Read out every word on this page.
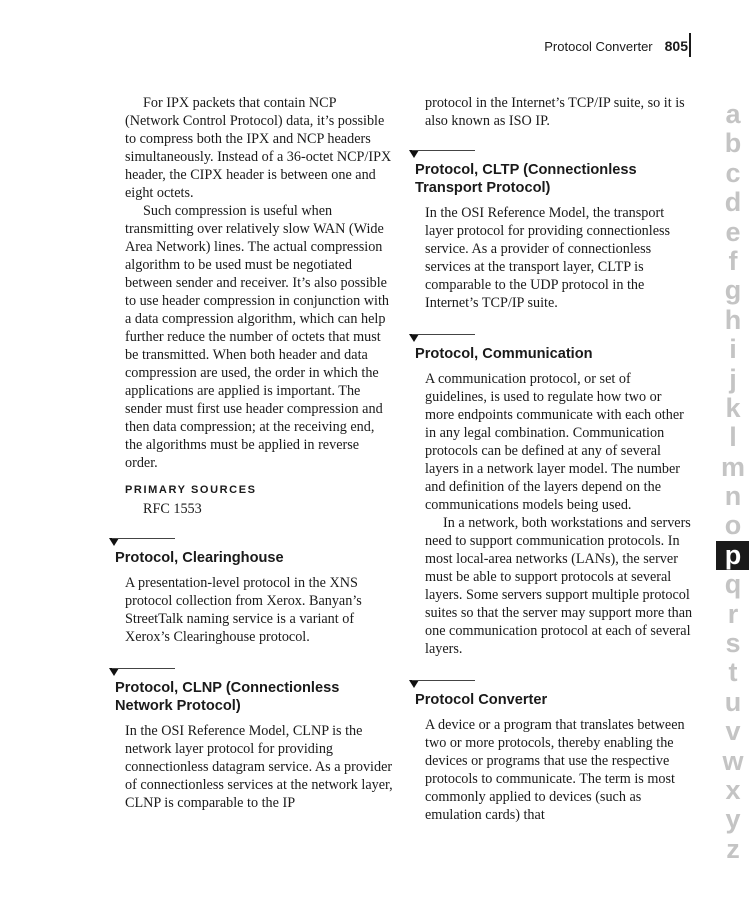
Protocol Converter 805

For IPX packets that contain NCP (Network Control Protocol) data, it’s possible to compress both the IPX and NCP headers simultaneously. Instead of a 36-octet NCP/IPX header, the CIPX header is between one and eight octets.

Such compression is useful when transmitting over relatively slow WAN (Wide Area Network) lines. The actual compression algorithm to be used must be negotiated between sender and receiver. It’s also possible to use header compression in conjunction with a data compression algorithm, which can help further reduce the number of octets that must be transmitted. When both header and data compression are used, the order in which the applications are applied is important. The sender must first use header compression and then data compression; at the receiving end, the algorithms must be applied in reverse order.

PRIMARY SOURCES
RFC 1553
Protocol, Clearinghouse

A presentation-level protocol in the XNS protocol collection from Xerox. Banyan’s StreetTalk naming service is a variant of Xerox’s Clearinghouse protocol.

Protocol, CLNP (Connectionless Network Protocol)

In the OSI Reference Model, CLNP is the network layer protocol for providing connectionless datagram service. As a provider of connectionless services at the network layer, CLNP is comparable to the IP

protocol in the Internet’s TCP/IP suite, so it is also known as ISO IP.

Protocol, CLTP (Connectionless Transport Protocol)

In the OSI Reference Model, the transport layer protocol for providing connectionless service. As a provider of connectionless services at the transport layer, CLTP is comparable to the UDP protocol in the Internet’s TCP/IP suite.

Protocol, Communication

A communication protocol, or set of guidelines, is used to regulate how two or more endpoints communicate with each other in any legal combination. Communication protocols can be defined at any of several layers in a network layer model. The number and definition of the layers depend on the communications models being used.

In a network, both workstations and servers need to support communication protocols. In most local-area networks (LANs), the server must be able to support protocols at several layers. Some servers support multiple protocol suites so that the server may support more than one communication protocol at each of several layers.

Protocol Converter

A device or a program that translates between two or more protocols, thereby enabling the devices or programs that use the respective protocols to communicate. The term is most commonly applied to devices (such as emulation cards) that

a
b
c
d
e
f
g
h
i
j
k
l
m
n
o
p
q
r
s
t
u
v
w
x
y
z
